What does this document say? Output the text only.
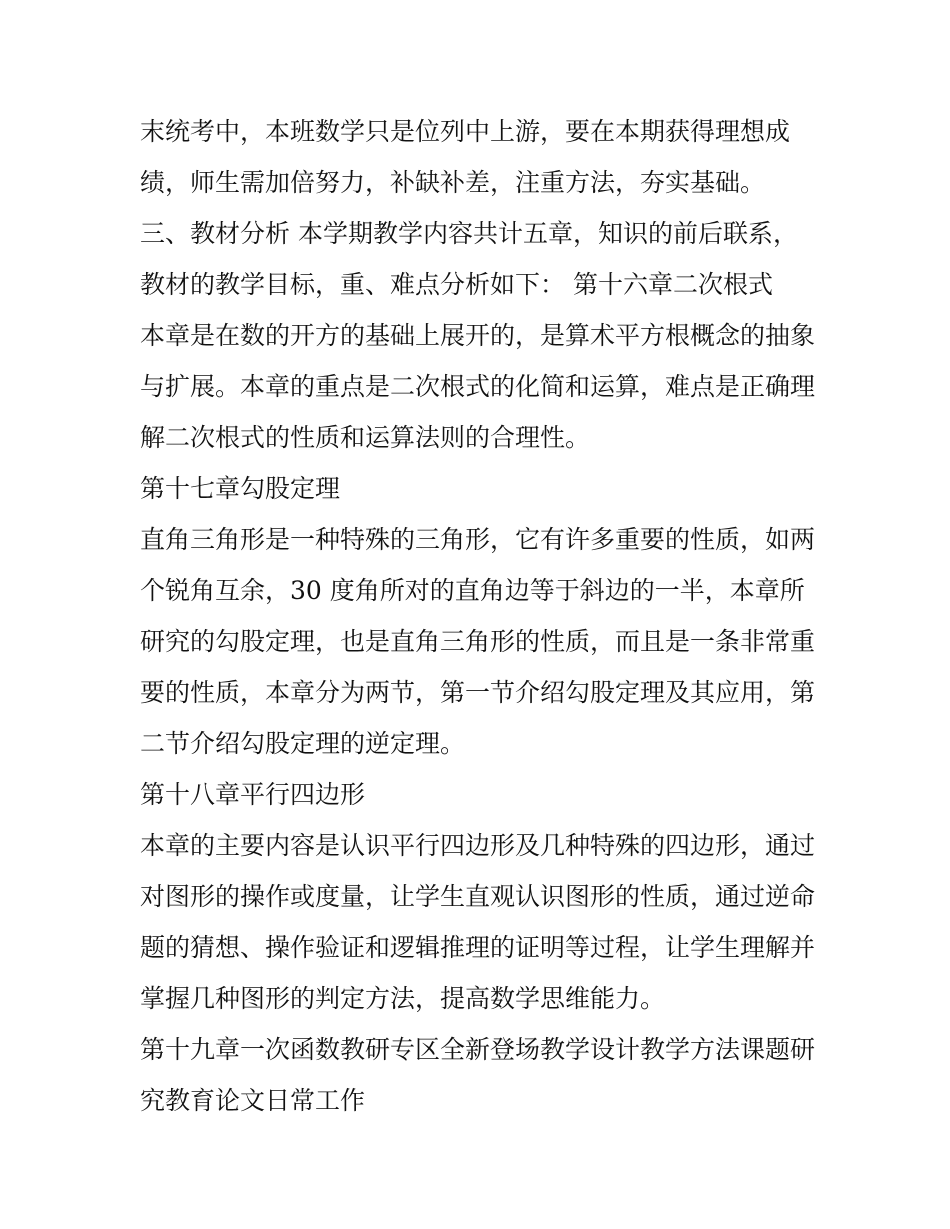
末统考中，本班数学只是位列中上游，要在本期获得理想成
绩，师生需加倍努力，补缺补差，注重方法，夯实基础。
三、教材分析 本学期教学内容共计五章，知识的前后联系，
教材的教学目标，重、难点分析如下： 第十六章二次根式
本章是在数的开方的基础上展开的，是算术平方根概念的抽象
与扩展。本章的重点是二次根式的化简和运算，难点是正确理
解二次根式的性质和运算法则的合理性。
第十七章勾股定理
直角三角形是一种特殊的三角形，它有许多重要的性质，如两
个锐角互余，30 度角所对的直角边等于斜边的一半，本章所
研究的勾股定理，也是直角三角形的性质，而且是一条非常重
要的性质，本章分为两节，第一节介绍勾股定理及其应用，第
二节介绍勾股定理的逆定理。
第十八章平行四边形
本章的主要内容是认识平行四边形及几种特殊的四边形，通过
对图形的操作或度量，让学生直观认识图形的性质，通过逆命
题的猜想、操作验证和逻辑推理的证明等过程，让学生理解并
掌握几种图形的判定方法，提高数学思维能力。
第十九章一次函数教研专区全新登场教学设计教学方法课题研
究教育论文日常工作
